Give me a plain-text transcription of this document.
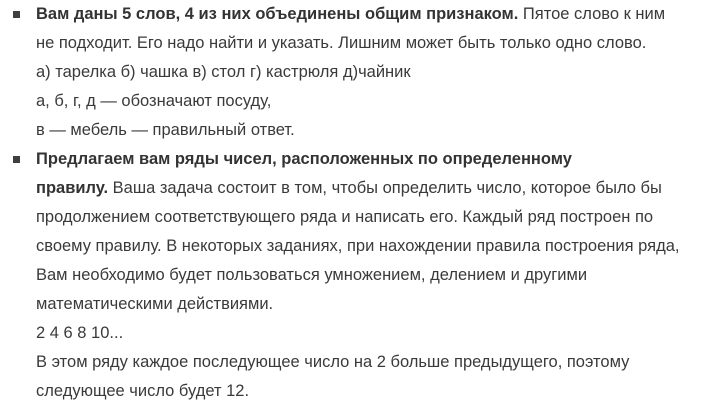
Вам даны 5 слов, 4 из них объединены общим признаком. Пятое слово к ним
не подходит. Его надо найти и указать. Лишним может быть только одно слово.
а) тарелка б) чашка в) стол г) кастрюля д)чайник
а, б, г, д — обозначают посуду,
в — мебель — правильный ответ.
Предлагаем вам ряды чисел, расположенных по определенному
правилу. Ваша задача состоит в том, чтобы определить число, которое было бы
продолжением соответствующего ряда и написать его. Каждый ряд построен по
своему правилу. В некоторых заданиях, при нахождении правила построения ряда,
Вам необходимо будет пользоваться умножением, делением и другими
математическими действиями.
2 4 6 8 10...
В этом ряду каждое последующее число на 2 больше предыдущего, поэтому
следующее число будет 12.
